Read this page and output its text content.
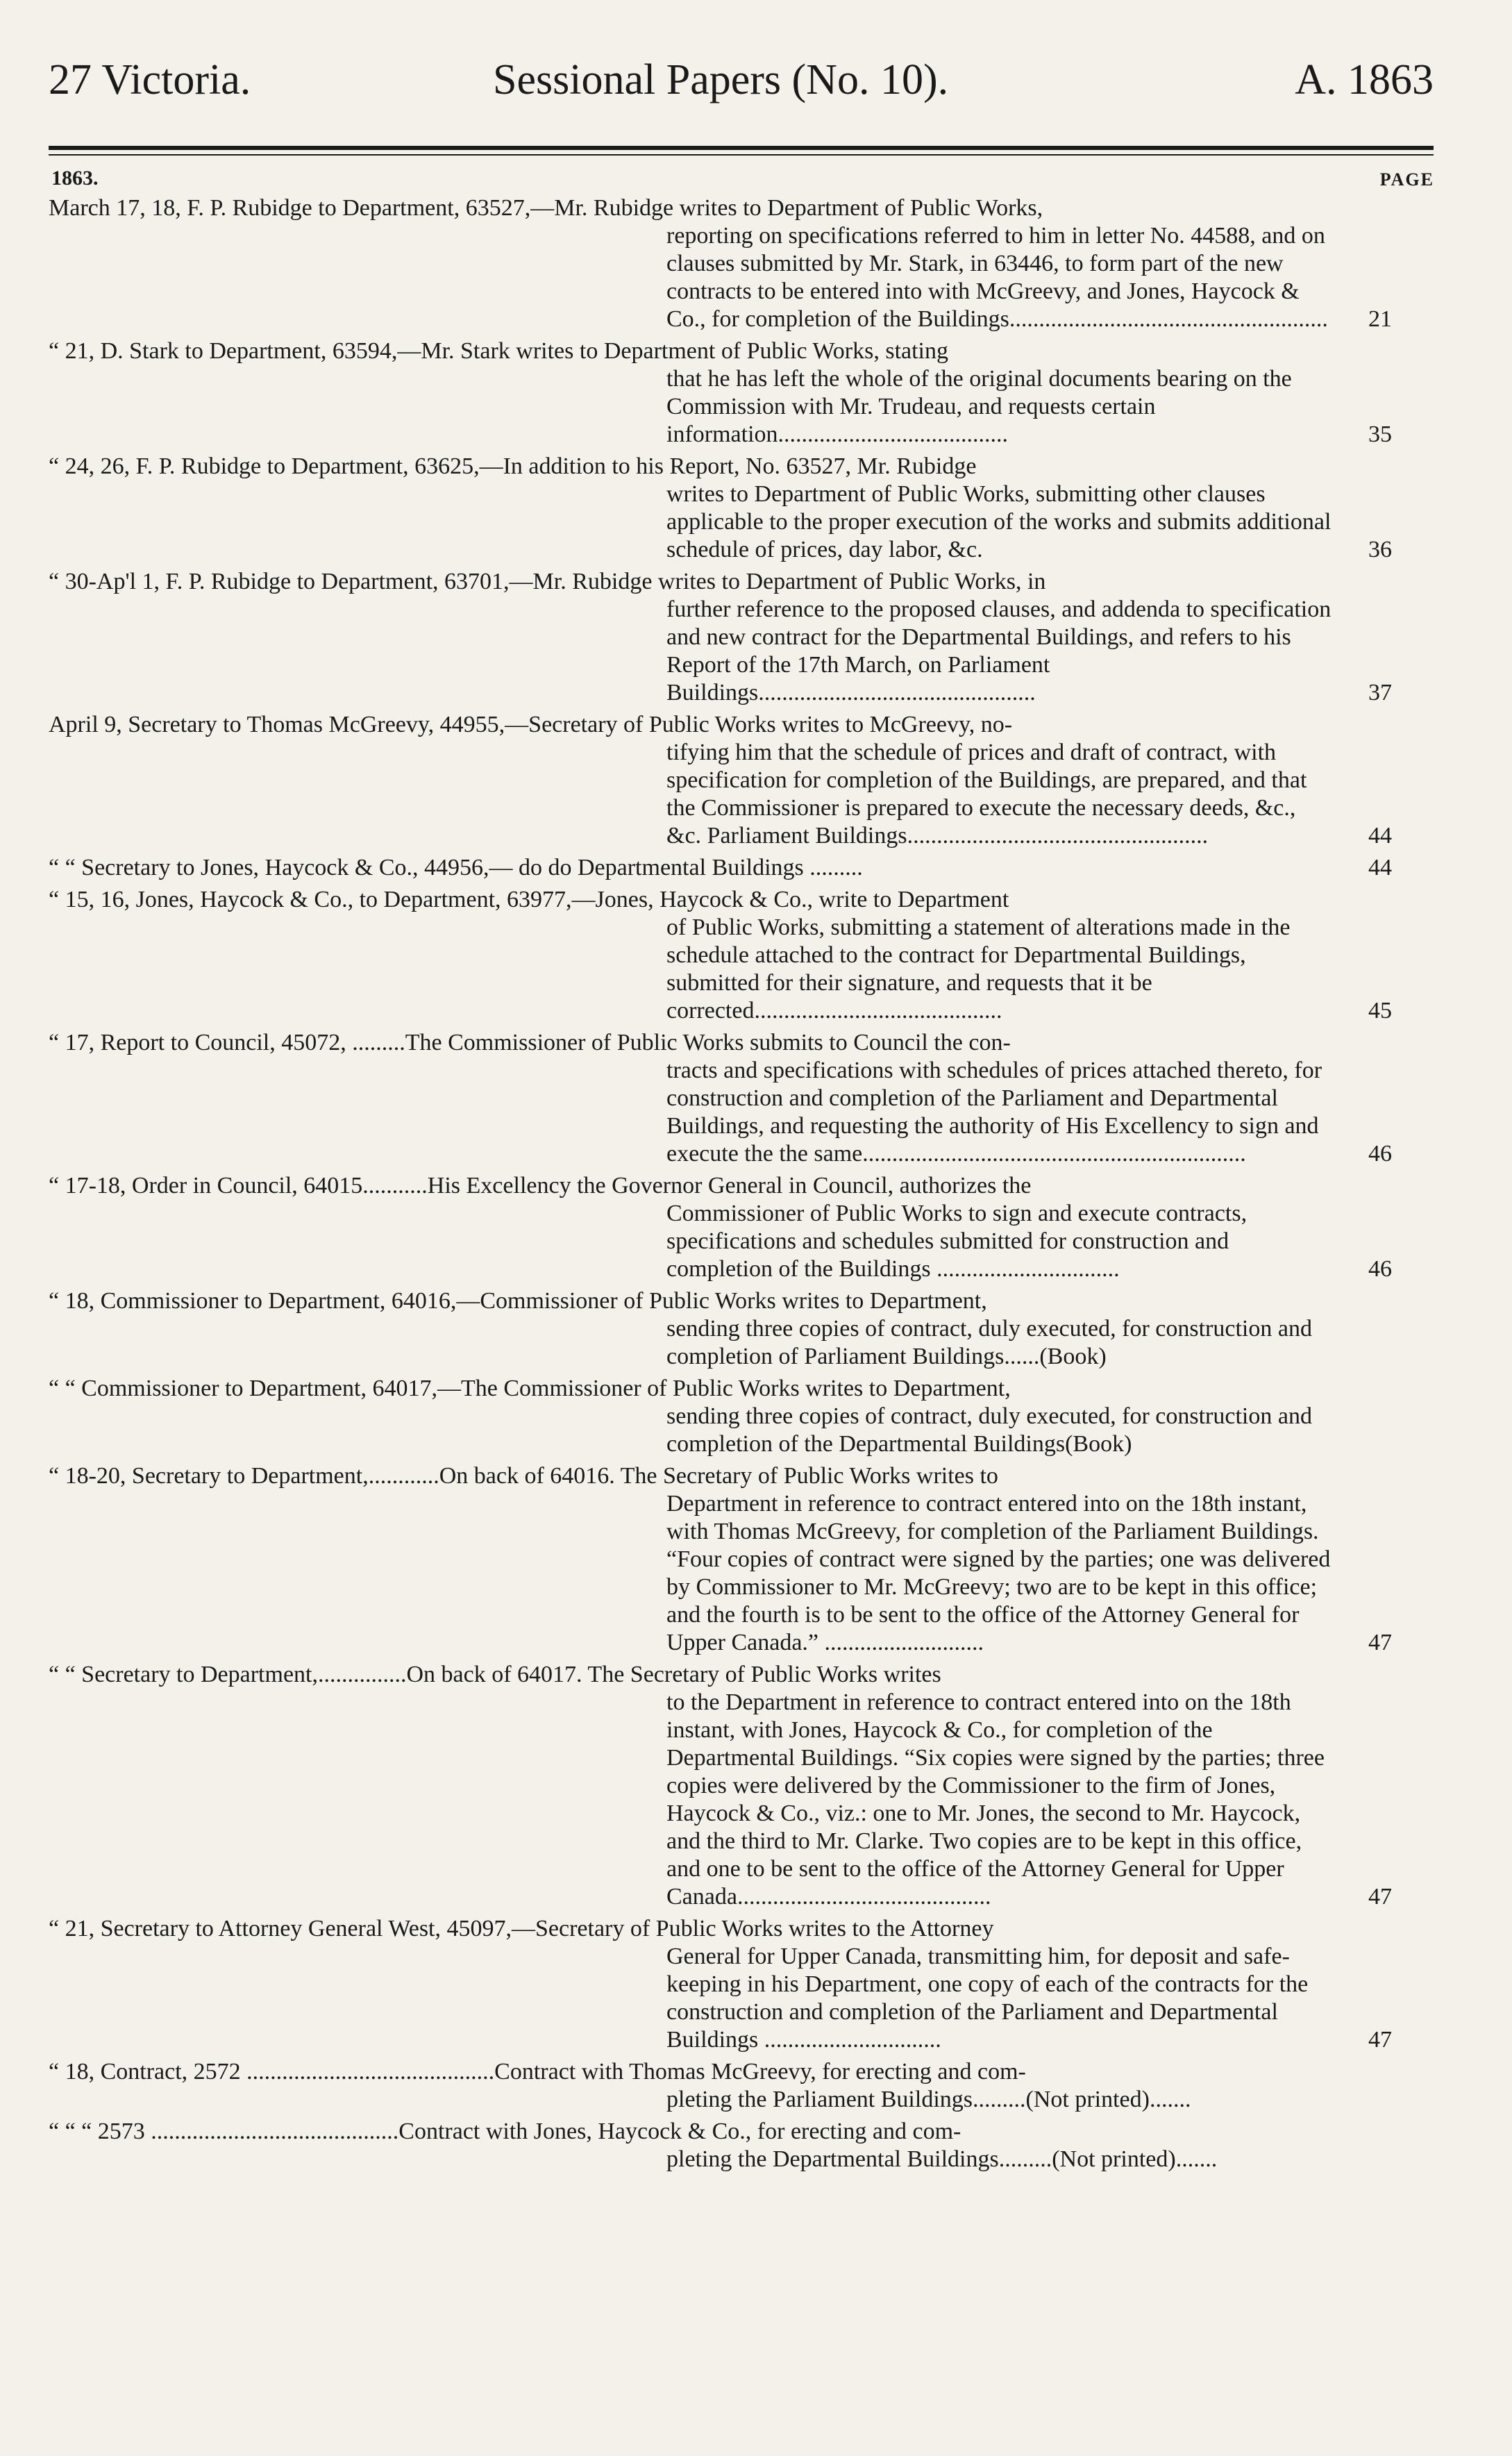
27 Victoria.	Sessional Papers (No. 10).	A. 1863
1863.	PAGE
March 17, 18, F. P. Rubidge to Department, 63527,—Mr. Rubidge writes to Department of Public Works,
reporting on specifications referred to him in letter No. 44588, and on clauses submitted by Mr. Stark, in 63446, to form part of the new contracts to be entered into with McGreevy, and Jones, Haycock & Co., for completion of the Buildings...................................................... 21
“ 21, D. Stark to Department, 63594,—Mr. Stark writes to Department of Public Works, stating
that he has left the whole of the original documents bearing on the Commission with Mr. Trudeau, and requests certain information.......................................	35
“ 24, 26, F. P. Rubidge to Department, 63625,—In addition to his Report, No. 63527, Mr. Rubidge
writes to Department of Public Works, submitting other clauses applicable to the proper execution of the works and submits additional schedule of prices, day labor, &c.	36
“ 30-Ap'l 1, F. P. Rubidge to Department, 63701,—Mr. Rubidge writes to Department of Public Works, in
further reference to the proposed clauses, and addenda to specification and new contract for the Departmental Buildings, and refers to his Report of the 17th March, on Parliament Buildings...............................................	37
April 9, Secretary to Thomas McGreevy, 44955,—Secretary of Public Works writes to McGreevy, no-
tifying him that the schedule of prices and draft of contract, with specification for completion of the Buildings, are prepared, and that the Commissioner is prepared to execute the necessary deeds, &c., &c. Parliament Buildings...................................................	44
“ “ Secretary to Jones, Haycock & Co., 44956,— do do Departmental Buildings .........	44
“ 15, 16, Jones, Haycock & Co., to Department, 63977,—Jones, Haycock & Co., write to Department
of Public Works, submitting a statement of alterations made in the schedule attached to the contract for Departmental Buildings, submitted for their signature, and requests that it be corrected..........................................	45
“ 17, Report to Council, 45072, .........The Commissioner of Public Works submits to Council the con-
tracts and specifications with schedules of prices attached thereto, for construction and completion of the Parliament and Departmental Buildings, and requesting the authority of His Excellency to sign and execute the the same.................................................................	46
“ 17-18, Order in Council, 64015...........His Excellency the Governor General in Council, authorizes the
Commissioner of Public Works to sign and execute contracts, specifications and schedules submitted for construction and completion of the Buildings ...............................	46
“ 18, Commissioner to Department, 64016,—Commissioner of Public Works writes to Department,
sending three copies of contract, duly executed, for construction and completion of Parliament Buildings......(Book)
“ “ Commissioner to Department, 64017,—The Commissioner of Public Works writes to Department,
sending three copies of contract, duly executed, for construction and completion of the Departmental Buildings(Book)
“ 18-20, Secretary to Department,............On back of 64016. The Secretary of Public Works writes to
Department in reference to contract entered into on the 18th instant, with Thomas McGreevy, for completion of the Parliament Buildings. “Four copies of contract were signed by the parties; one was delivered by Commissioner to Mr. McGreevy; two are to be kept in this office; and the fourth is to be sent to the office of the Attorney General for Upper Canada.” ...........................	47
“ “ Secretary to Department,...............On back of 64017. The Secretary of Public Works writes
to the Department in reference to contract entered into on the 18th instant, with Jones, Haycock & Co., for completion of the Departmental Buildings. “Six copies were signed by the parties; three copies were delivered by the Commissioner to the firm of Jones, Haycock & Co., viz.: one to Mr. Jones, the second to Mr. Haycock, and the third to Mr. Clarke. Two copies are to be kept in this office, and one to be sent to the office of the Attorney General for Upper Canada...........................................	47
“ 21, Secretary to Attorney General West, 45097,—Secretary of Public Works writes to the Attorney
General for Upper Canada, transmitting him, for deposit and safe-keeping in his Department, one copy of each of the contracts for the construction and completion of the Parliament and Departmental Buildings ..............................	47
“ 18, Contract, 2572 ..........................................Contract with Thomas McGreevy, for erecting and com-
pleting the Parliament Buildings.........(Not printed).......
“ “ “ 2573 ..........................................Contract with Jones, Haycock & Co., for erecting and com-
pleting the Departmental Buildings.........(Not printed).......
